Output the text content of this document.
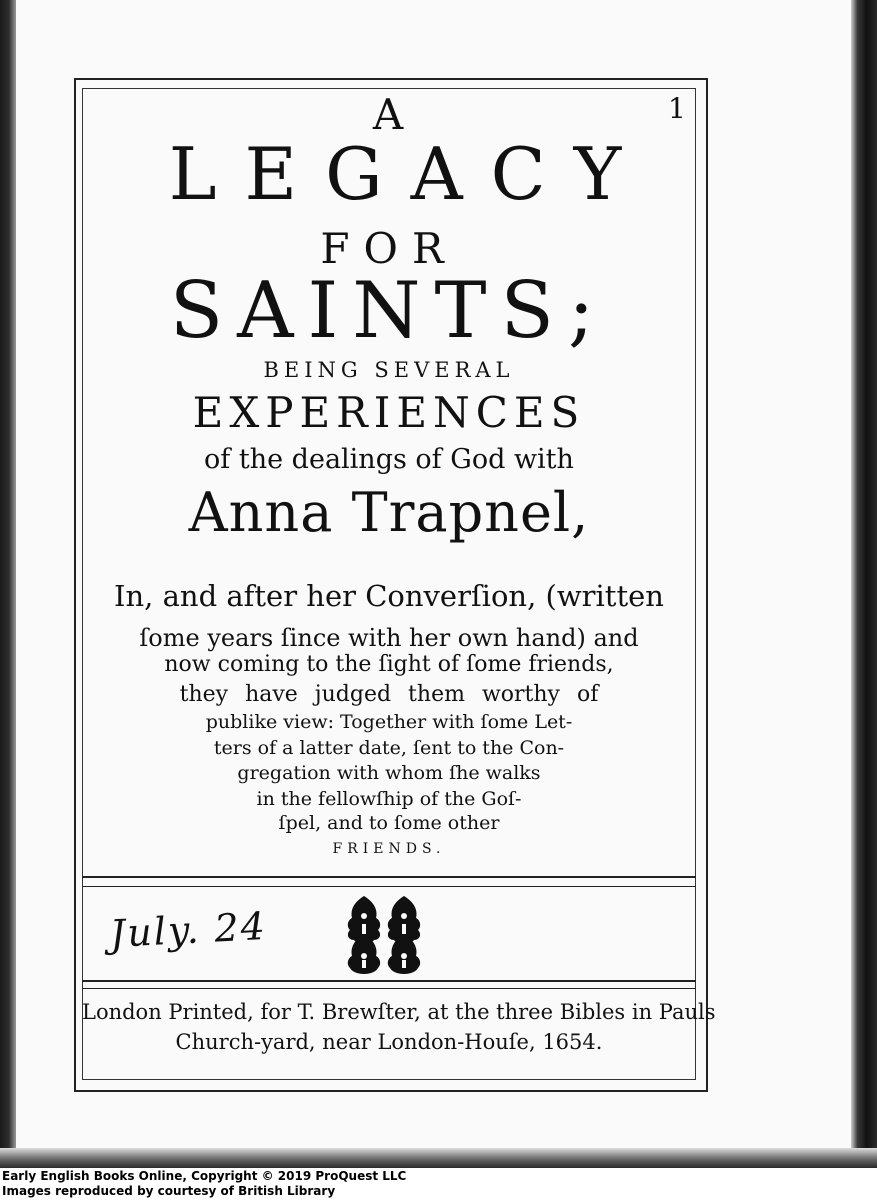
1
A
LEGACY
FOR
SAINTS;
BEING SEVERAL
EXPERIENCES
of the dealings of God with
Anna Trapnel,
In, and after her Converſion, (written
ſome years ſince with her own hand) and
now coming to the ſight of ſome friends,
they have judged them worthy of
publike view: Together with ſome Let-
ters of a latter date, ſent to the Con-
gregation with whom ſhe walks
in the fellowſhip of the Goſ-
ſpel, and to ſome other
FRIENDS.
July. 24
London Printed, for T. Brewſter, at the three Bibles in Pauls
Church-yard, near London-Houſe, 1654.
Early English Books Online, Copyright © 2019 ProQuest LLC
Images reproduced by courtesy of British Library
